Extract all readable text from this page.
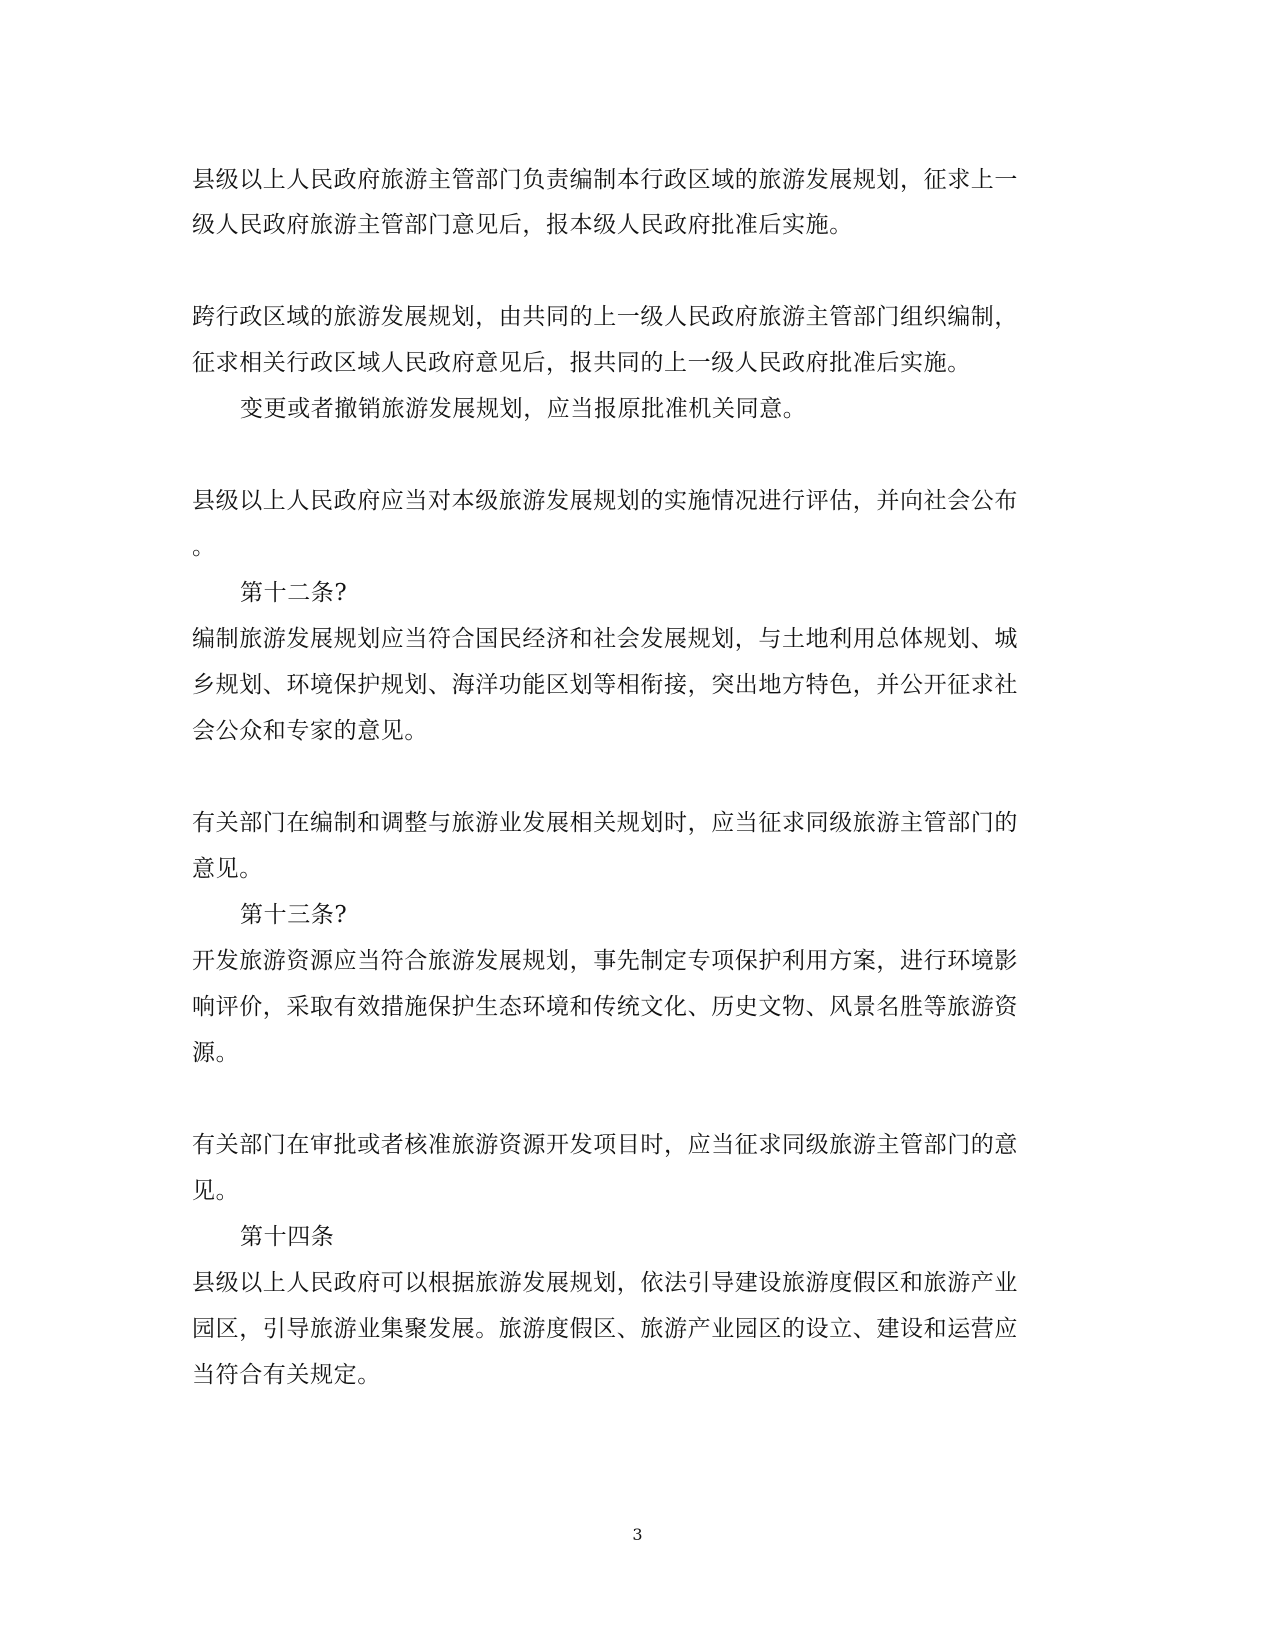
县级以上人民政府旅游主管部门负责编制本行政区域的旅游发展规划，征求上一
级人民政府旅游主管部门意见后，报本级人民政府批准后实施。
跨行政区域的旅游发展规划，由共同的上一级人民政府旅游主管部门组织编制，
征求相关行政区域人民政府意见后，报共同的上一级人民政府批准后实施。
变更或者撤销旅游发展规划，应当报原批准机关同意。
县级以上人民政府应当对本级旅游发展规划的实施情况进行评估，并向社会公布
。
第十二条?
编制旅游发展规划应当符合国民经济和社会发展规划，与土地利用总体规划、城
乡规划、环境保护规划、海洋功能区划等相衔接，突出地方特色，并公开征求社
会公众和专家的意见。
有关部门在编制和调整与旅游业发展相关规划时，应当征求同级旅游主管部门的
意见。
第十三条?
开发旅游资源应当符合旅游发展规划，事先制定专项保护利用方案，进行环境影
响评价，采取有效措施保护生态环境和传统文化、历史文物、风景名胜等旅游资
源。
有关部门在审批或者核准旅游资源开发项目时，应当征求同级旅游主管部门的意
见。
第十四条
县级以上人民政府可以根据旅游发展规划，依法引导建设旅游度假区和旅游产业
园区，引导旅游业集聚发展。旅游度假区、旅游产业园区的设立、建设和运营应
当符合有关规定。
3
